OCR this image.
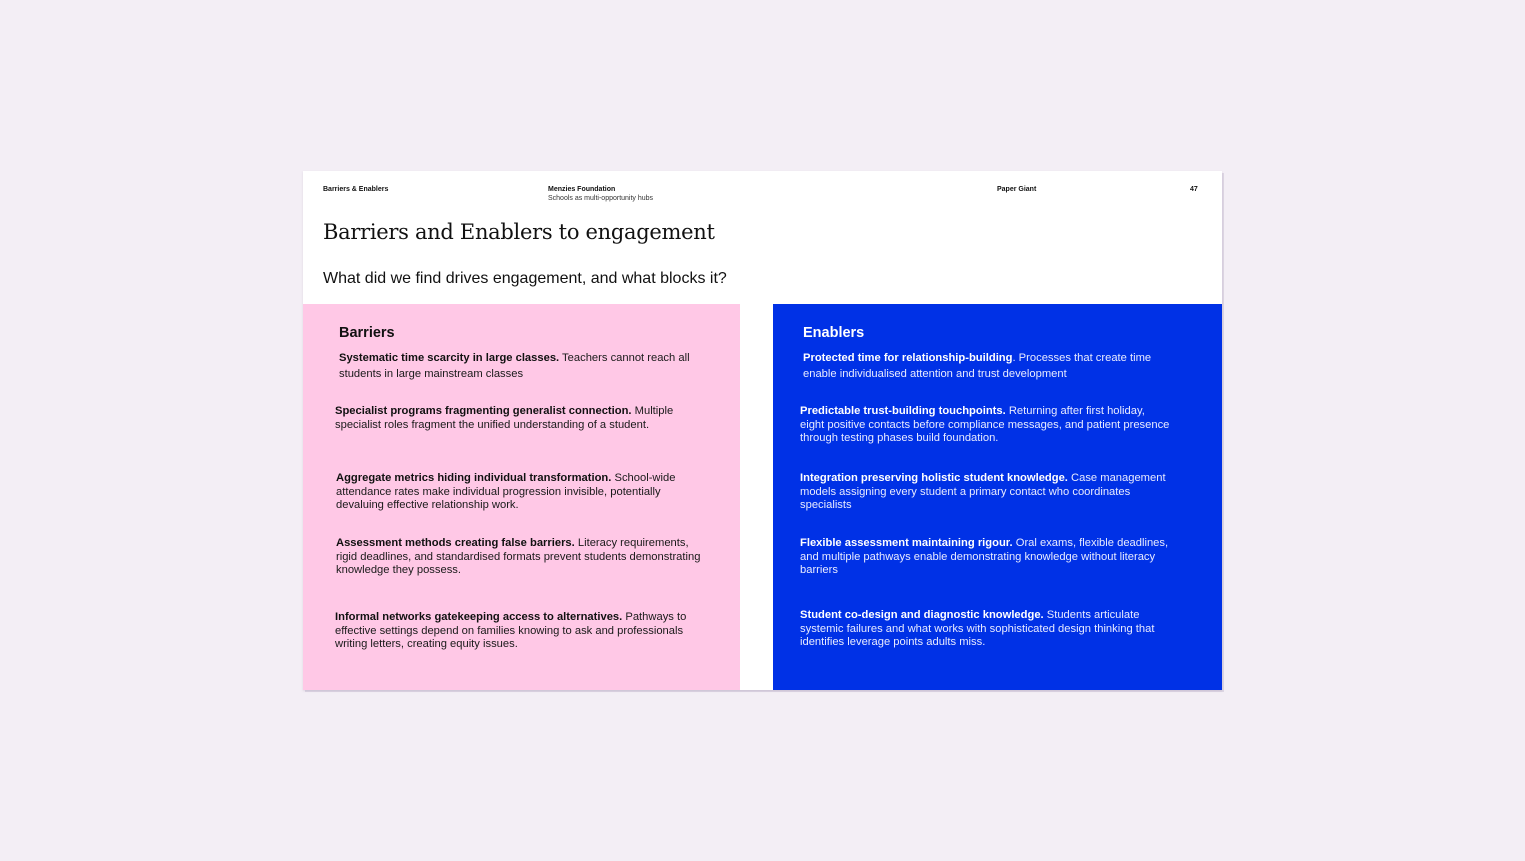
Barriers & Enablers	Menzies Foundation
Schools as multi-opportunity hubs
Paper Giant	47
Barriers and Enablers to engagement
What did we find drives engagement, and what blocks it?
Barriers

Systematic time scarcity in large classes. Teachers cannot reach all students in large mainstream classes

Specialist programs fragmenting generalist connection. Multiple specialist roles fragment the unified understanding of a student.

Aggregate metrics hiding individual transformation. School-wide attendance rates make individual progression invisible, potentially devaluing effective relationship work.

Assessment methods creating false barriers. Literacy requirements, rigid deadlines, and standardised formats prevent students demonstrating knowledge they possess.

Informal networks gatekeeping access to alternatives. Pathways to effective settings depend on families knowing to ask and professionals writing letters, creating equity issues.

Enablers

Protected time for relationship-building. Processes that create time enable individualised attention and trust development

Predictable trust-building touchpoints. Returning after first holiday, eight positive contacts before compliance messages, and patient presence through testing phases build foundation.

Integration preserving holistic student knowledge. Case management models assigning every student a primary contact who coordinates specialists

Flexible assessment maintaining rigour. Oral exams, flexible deadlines, and multiple pathways enable demonstrating knowledge without literacy barriers

Student co-design and diagnostic knowledge. Students articulate systemic failures and what works with sophisticated design thinking that identifies leverage points adults miss.
